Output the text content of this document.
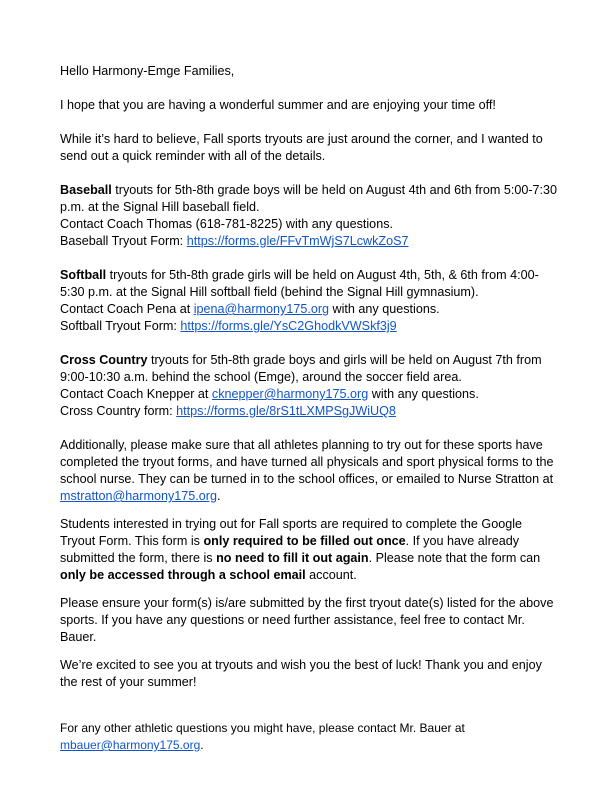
Hello Harmony-Emge Families,

I hope that you are having a wonderful summer and are enjoying your time off!

While it’s hard to believe, Fall sports tryouts are just around the corner, and I wanted to send out a quick reminder with all of the details.

Baseball tryouts for 5th-8th grade boys will be held on August 4th and 6th from 5:00-7:30 p.m. at the Signal Hill baseball field.

Contact Coach Thomas (618-781-8225) with any questions.

Baseball Tryout Form: https://forms.gle/FFvTmWjS7LcwkZoS7

Softball tryouts for 5th-8th grade girls will be held on August 4th, 5th, & 6th from 4:00-5:30 p.m. at the Signal Hill softball field (behind the Signal Hill gymnasium).

Contact Coach Pena at ipena@harmony175.org with any questions.

Softball Tryout Form: https://forms.gle/YsC2GhodkVWSkf3j9

Cross Country tryouts for 5th-8th grade boys and girls will be held on August 7th from 9:00-10:30 a.m. behind the school (Emge), around the soccer field area.

Contact Coach Knepper at cknepper@harmony175.org with any questions.

Cross Country form: https://forms.gle/8rS1tLXMPSgJWiUQ8

Additionally, please make sure that all athletes planning to try out for these sports have completed the tryout forms, and have turned all physicals and sport physical forms to the school nurse. They can be turned in to the school offices, or emailed to Nurse Stratton at mstratton@harmony175.org.

Students interested in trying out for Fall sports are required to complete the Google Tryout Form. This form is only required to be filled out once. If you have already submitted the form, there is no need to fill it out again. Please note that the form can only be accessed through a school email account.

Please ensure your form(s) is/are submitted by the first tryout date(s) listed for the above sports. If you have any questions or need further assistance, feel free to contact Mr. Bauer.

We’re excited to see you at tryouts and wish you the best of luck! Thank you and enjoy the rest of your summer!

For any other athletic questions you might have, please contact Mr. Bauer at mbauer@harmony175.org.
